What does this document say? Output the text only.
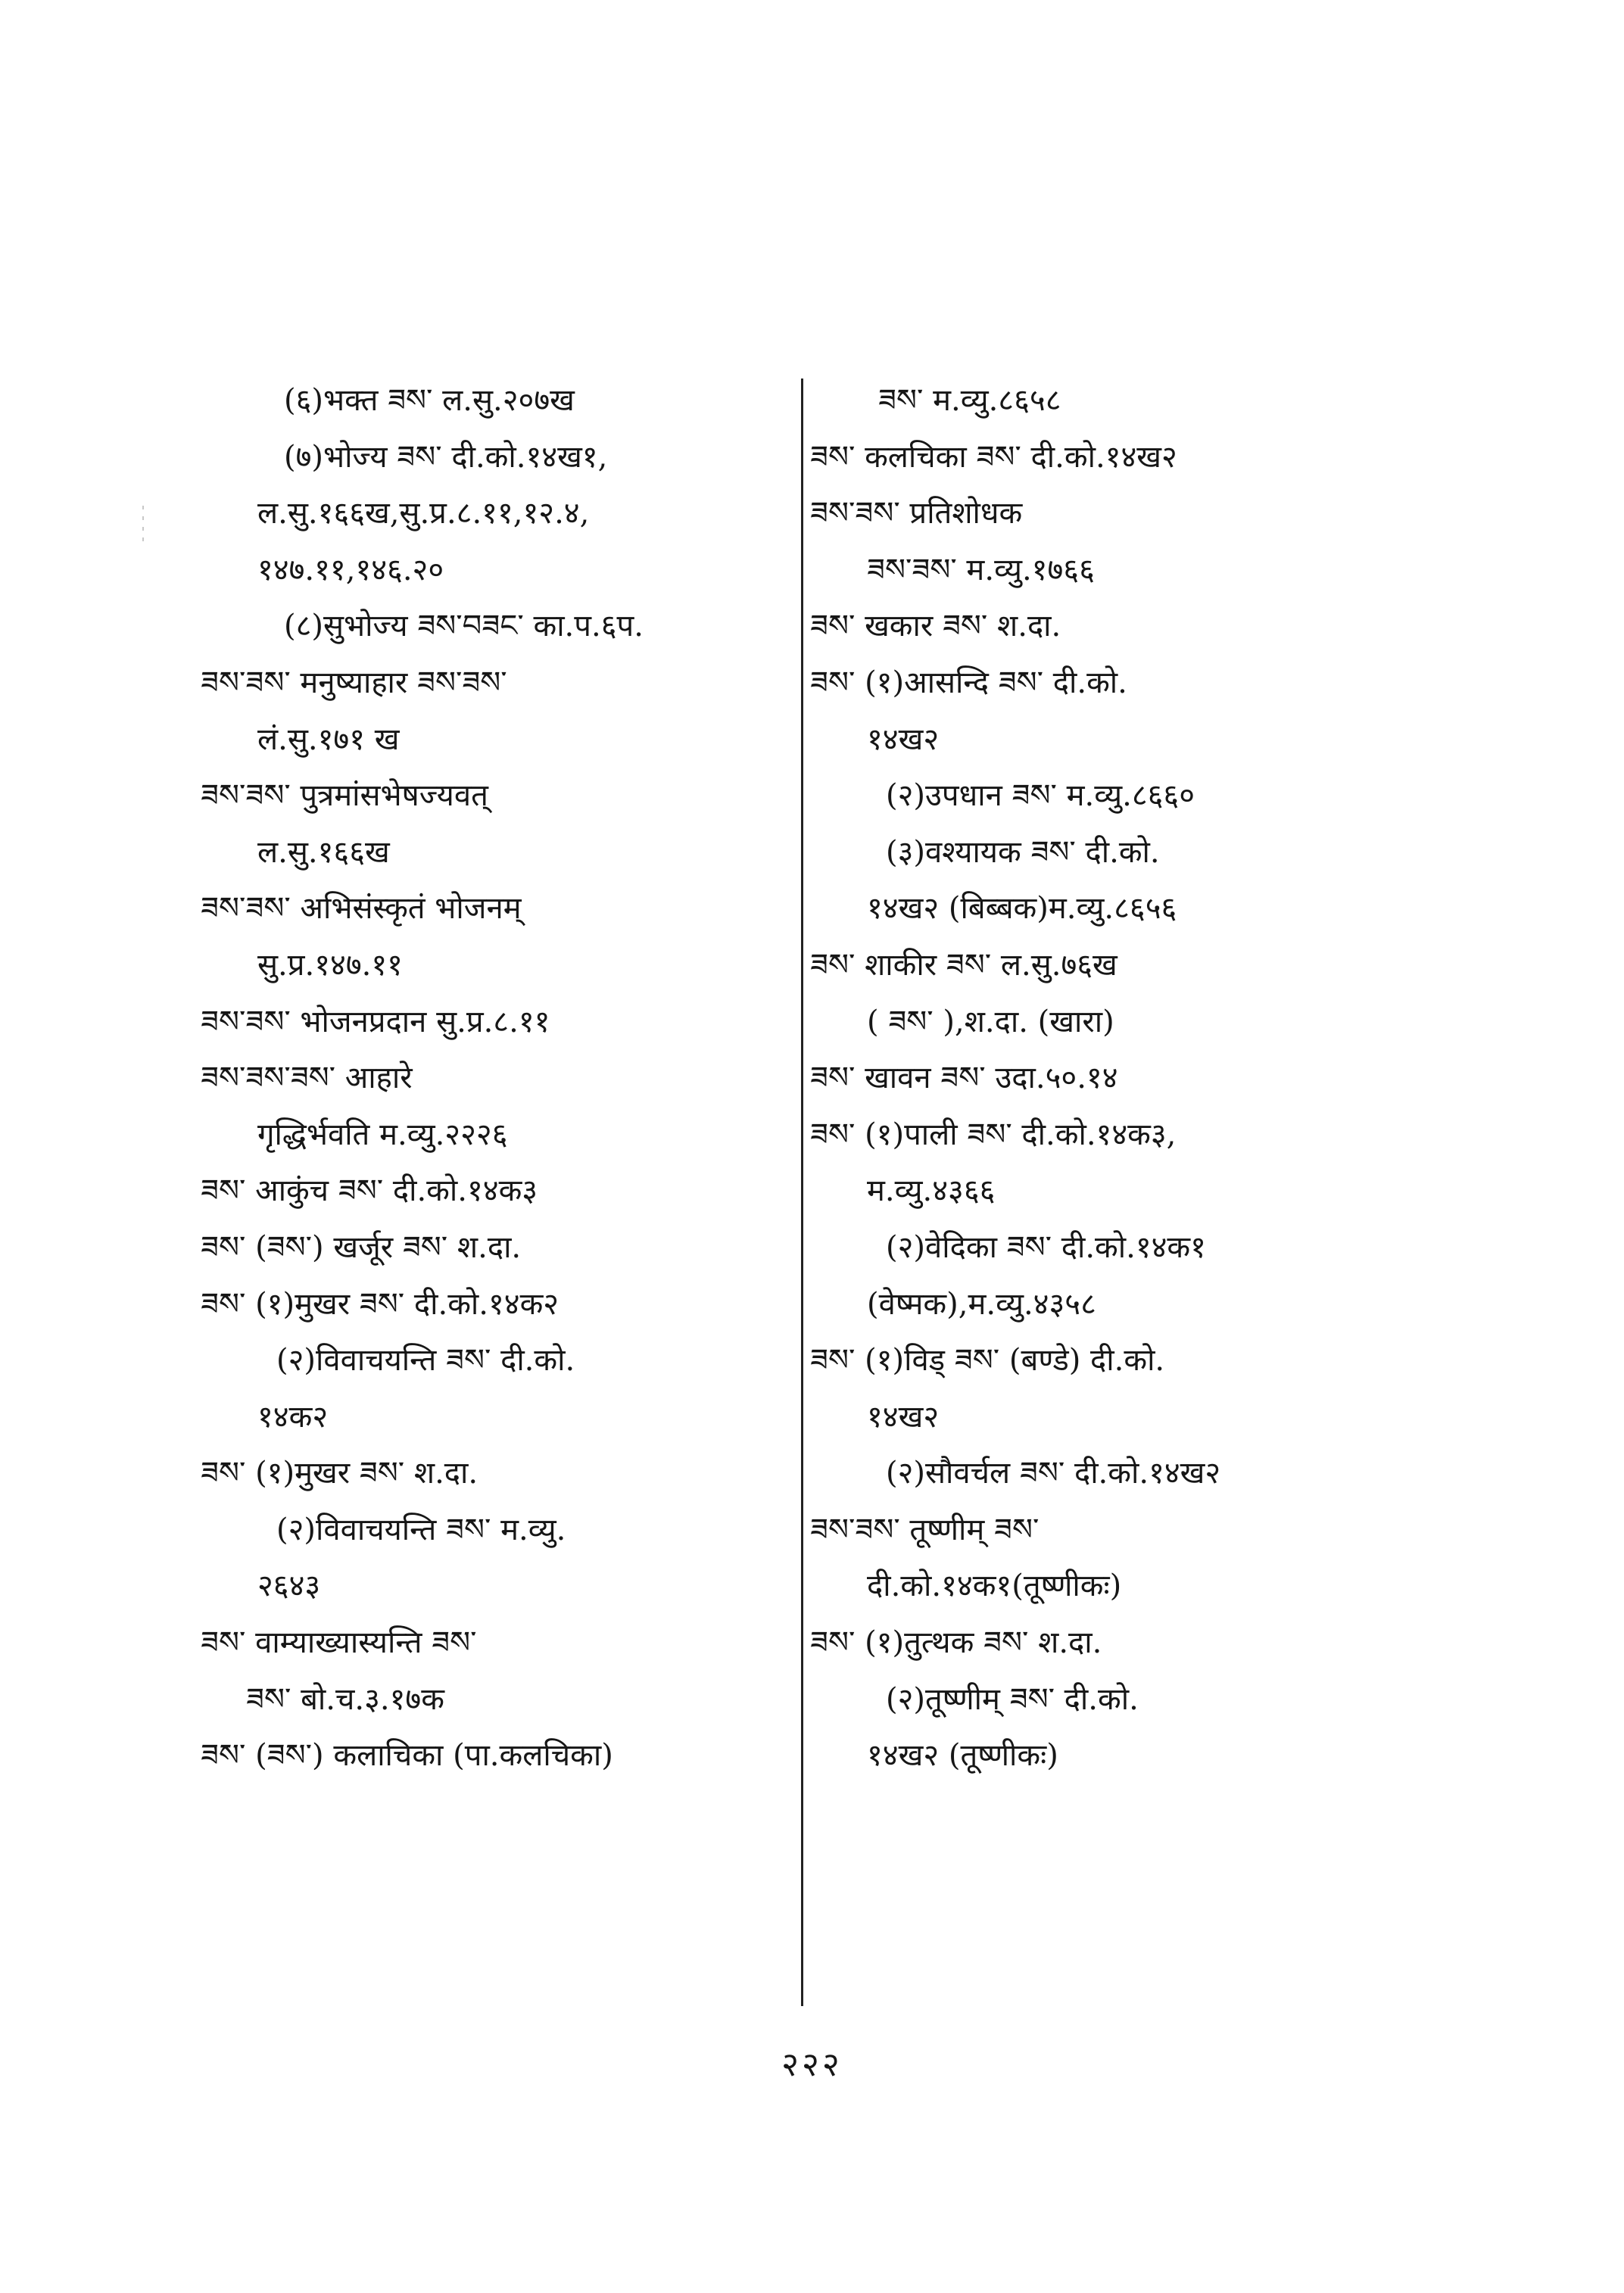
(६)भक्त ཟས་ ल.सु.२०७ख
(७)भोज्य ཟས་ दी.को.१४ख१,
ल.सु.१६६ख,सु.प्र.८.११,१२.४,
१४७.११,१४६.२०
(८)सुभोज्य ཟས་བཟང་ का.प.६प.
ཟས་ཟས་ मनुष्याहार ཟས་ཟས་
लं.सु.१७१ ख
ཟས་ཟས་ पुत्रमांसभेषज्यवत्
ल.सु.१६६ख
ཟས་ཟས་ अभिसंस्कृतं भोजनम्
सु.प्र.१४७.११
ཟས་ཟས་ भोजनप्रदान सु.प्र.८.११
ཟས་ཟས་ཟས་ आहारे
गृद्धिर्भवति म.व्यु.२२२६
ཟས་ आकुंच ཟས་ दी.को.१४क३
ཟས་ (ཟས་) खर्जूर ཟས་ श.दा.
ཟས་ (१)मुखर ཟས་ दी.को.१४क२
(२)विवाचयन्ति ཟས་ दी.को.
१४क२
ཟས་ (१)मुखर ཟས་ श.दा.
(२)विवाचयन्ति ཟས་ म.व्यु.
२६४३
ཟས་ वाम्याख्यास्यन्ति ཟས་
ཟས་ बो.च.३.१७क
ཟས་ (ཟས་) कलाचिका (पा.कलचिका)
ཟས་ म.व्यु.८६५८
ཟས་ कलचिका ཟས་ दी.को.१४ख२
ཟས་ཟས་ प्रतिशोधक
ཟས་ཟས་ म.व्यु.१७६६
ཟས་ खकार ཟས་ श.दा.
ཟས་ (१)आसन्दि ཟས་ दी.को.
१४ख२
(२)उपधान ཟས་ म.व्यु.८६६०
(३)वश्यायक ཟས་ दी.को.
१४ख२ (बिब्बक)म.व्यु.८६५६
ཟས་ शाकीर ཟས་ ल.सु.७६ख
( ཟས་ ),श.दा. (खारा)
ཟས་ खावन ཟས་ उदा.५०.१४
ཟས་ (१)पाली ཟས་ दी.को.१४क३,
म.व्यु.४३६६
(२)वेदिका ཟས་ दी.को.१४क१
(वेष्मक),म.व्यु.४३५८
ཟས་ (१)विड् ཟས་ (बण्डे) दी.को.
१४ख२
(२)सौवर्चल ཟས་ दी.को.१४ख२
ཟས་ཟས་ तूष्णीम् ཟས་
दी.को.१४क१(तूष्णीकः)
ཟས་ (१)तुत्थक ཟས་ श.दा.
(२)तूष्णीम् ཟས་ दी.को.
१४ख२ (तूष्णीकः)
२२२
